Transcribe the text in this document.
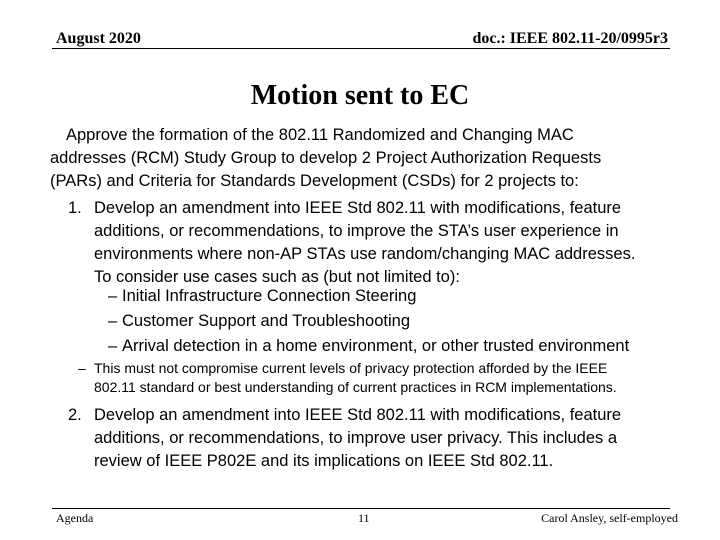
August 2020	doc.: IEEE 802.11-20/0995r3
Motion sent to EC
Approve the formation of the 802.11 Randomized and Changing MAC
addresses (RCM) Study Group to develop 2 Project Authorization Requests
(PARs) and Criteria for Standards Development (CSDs) for 2 projects to:
1. Develop an amendment into IEEE Std 802.11 with modifications, feature
additions, or recommendations, to improve the STA’s user experience in
environments where non-AP STAs use random/changing MAC addresses.
To consider use cases such as (but not limited to):
– Initial Infrastructure Connection Steering
– Customer Support and Troubleshooting
– Arrival detection in a home environment, or other trusted environment
– This must not compromise current levels of privacy protection afforded by the IEEE
802.11 standard or best understanding of current practices in RCM implementations.
2. Develop an amendment into IEEE Std 802.11 with modifications, feature
additions, or recommendations, to improve user privacy. This includes a
review of IEEE P802E and its implications on IEEE Std 802.11.
Agenda	11	Carol Ansley, self-employed
